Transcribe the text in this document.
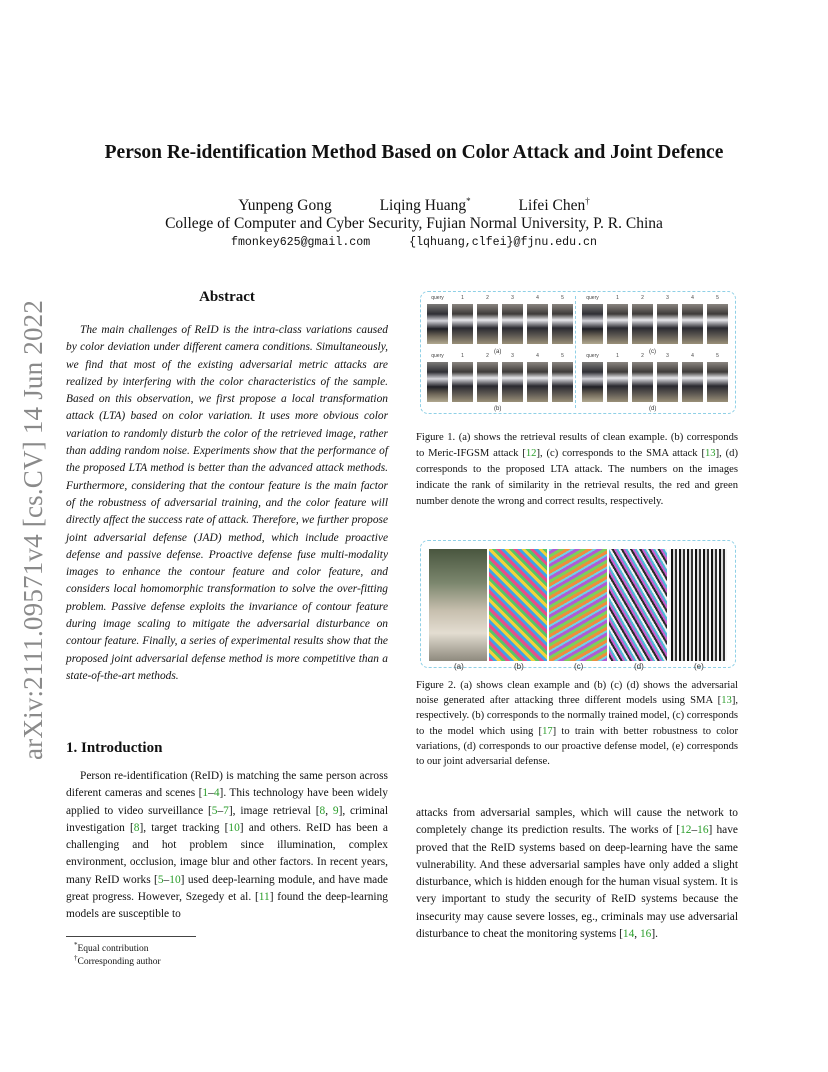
arXiv:2111.09571v4 [cs.CV] 14 Jun 2022
Person Re-identification Method Based on Color Attack and Joint Defence
Yunpeng Gong	Liqing Huang*	Lifei Chen†
College of Computer and Cyber Security, Fujian Normal University, P. R. China
fmonkey625@gmail.com	{lqhuang,clfei}@fjnu.edu.cn
Abstract

The main challenges of ReID is the intra-class variations caused by color deviation under different camera conditions. Simultaneously, we find that most of the existing adversarial metric attacks are realized by interfering with the color characteristics of the sample. Based on this observation, we first propose a local transformation attack (LTA) based on color variation. It uses more obvious color variation to randomly disturb the color of the retrieved image, rather than adding random noise. Experiments show that the performance of the proposed LTA method is better than the advanced attack methods. Furthermore, considering that the contour feature is the main factor of the robustness of adversarial training, and the color feature will directly affect the success rate of attack. Therefore, we further propose joint adversarial defense (JAD) method, which include proactive defense and passive defense. Proactive defense fuse multi-modality images to enhance the contour feature and color feature, and considers local homomorphic transformation to solve the over-fitting problem. Passive defense exploits the invariance of contour feature during image scaling to mitigate the adversarial disturbance on contour feature. Finally, a series of experimental results show that the proposed joint adversarial defense method is more competitive than a state-of-the-art methods.

1. Introduction

Person re-identification (ReID) is matching the same person across diferent cameras and scenes [1–4]. This technology have been widely applied to video surveillance [5–7], image retrieval [8, 9], criminal investigation [8], target tracking [10] and others. ReID has been a challenging and hot problem since illumination, complex environment, occlusion, image blur and other factors. In recent years, many ReID works [5–10] used deep-learning module, and have made great progress. However, Szegedy et al. [11] found the deep-learning models are susceptible to

*Equal contribution
†Corresponding author
query	1	2	3	4	5	query	1	2	3	4	5
query	1	2	3	4	5	query	1	2	3	4	5
(a)
(b)
(c)
(d)

Figure 1. (a) shows the retrieval results of clean example. (b) corresponds to Meric-IFGSM attack [12], (c) corresponds to the SMA attack [13], (d) corresponds to the proposed LTA attack. The numbers on the images indicate the rank of similarity in the retrieval results, the red and green number denote the wrong and correct results, respectively.

(a)	(b)	(c)	(d)	(e)

Figure 2. (a) shows clean example and (b) (c) (d) shows the adversarial noise generated after attacking three different models using SMA [13], respectively. (b) corresponds to the normally trained model, (c) corresponds to the model which using [17] to train with better robustness to color variations, (d) corresponds to our proactive defense model, (e) corresponds to our joint adversarial defense.

attacks from adversarial samples, which will cause the network to completely change its prediction results. The works of [12–16] have proved that the ReID systems based on deep-learning have the same vulnerability. And these adversarial samples have only added a slight disturbance, which is hidden enough for the human visual system. It is very important to study the security of ReID systems because the insecurity may cause severe losses, eg., criminals may use adversarial disturbance to cheat the monitoring systems [14, 16].
